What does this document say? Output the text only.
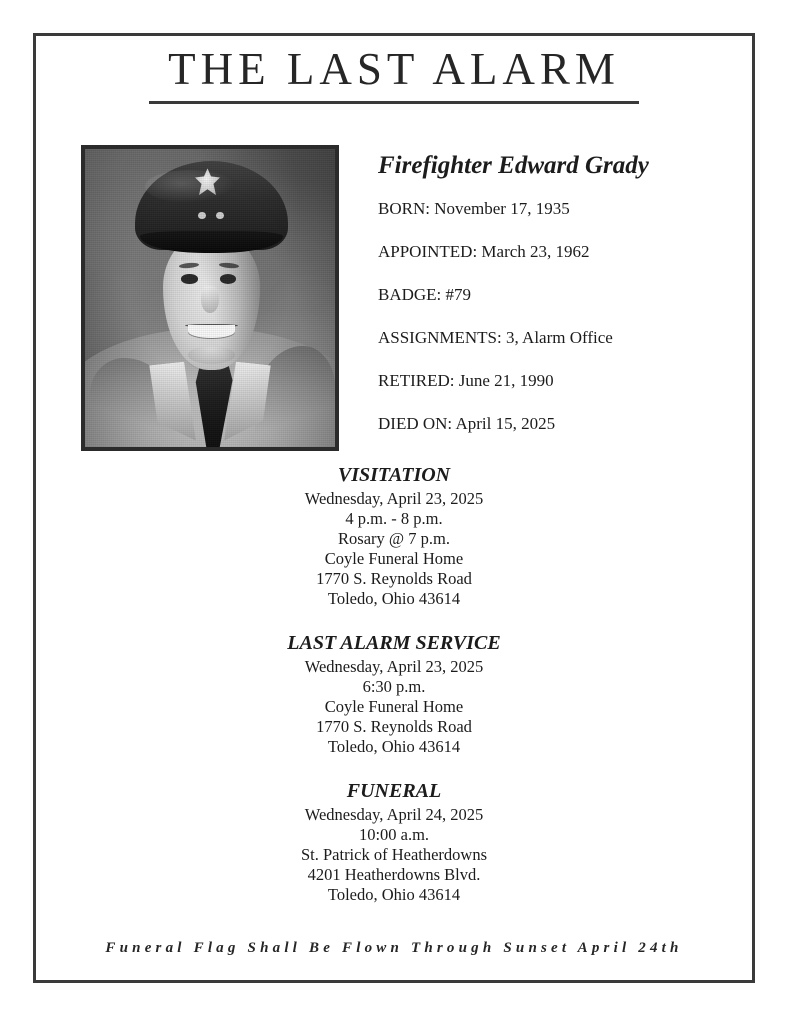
THE LAST ALARM
Firefighter Edward Grady
BORN: November 17, 1935
APPOINTED: March 23, 1962
BADGE: #79
ASSIGNMENTS: 3, Alarm Office
RETIRED: June 21, 1990
DIED ON: April 15, 2025
VISITATION
Wednesday, April 23, 2025
4 p.m. - 8 p.m.
Rosary @ 7 p.m.
Coyle Funeral Home
1770 S. Reynolds Road
Toledo, Ohio 43614
LAST ALARM SERVICE
Wednesday, April 23, 2025
6:30 p.m.
Coyle Funeral Home
1770 S. Reynolds Road
Toledo, Ohio 43614
FUNERAL
Wednesday, April 24, 2025
10:00 a.m.
St. Patrick of Heatherdowns
4201 Heatherdowns Blvd.
Toledo, Ohio 43614
Funeral Flag Shall Be Flown Through Sunset April 24th
